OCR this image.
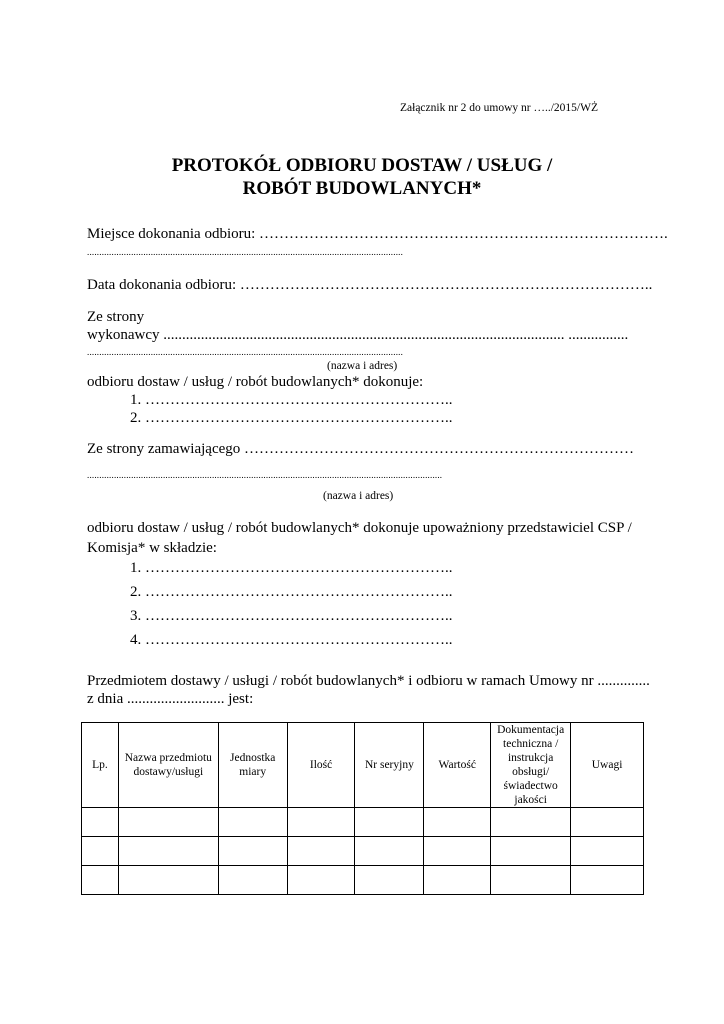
Załącznik nr 2 do umowy nr …../2015/WŻ
PROTOKÓŁ ODBIORU DOSTAW / USŁUG /
ROBÓT BUDOWLANYCH*
Miejsce dokonania odbioru: ……………………………………………………………………….
.................................................................................................................................
Data dokonania odbioru: ………………………………………………………………………..
Ze strony
wykonawcy ........................................................................................................... ................
.................................................................................................................................
(nazwa i adres)
odbioru dostaw / usług / robót budowlanych* dokonuje:
1. ……………………………………………………..
2. ……………………………………………………..
Ze strony zamawiającego ……………………………………………………………………
.................................................................................................................................................
(nazwa i adres)
odbioru dostaw / usług / robót budowlanych* dokonuje upoważniony przedstawiciel CSP /
Komisja* w składzie:
1. ……………………………………………………..
2. ……………………………………………………..
3. ……………………………………………………..
4. ……………………………………………………..
Przedmiotem dostawy / usługi / robót budowlanych* i odbioru w ramach Umowy nr ..............
z dnia .......................... jest:
Lp.	Nazwa przedmiotu dostawy/usługi	Jednostka miary	Ilość	Nr seryjny	Wartość	Dokumentacja techniczna / instrukcja obsługi/ świadectwo jakości	Uwagi
